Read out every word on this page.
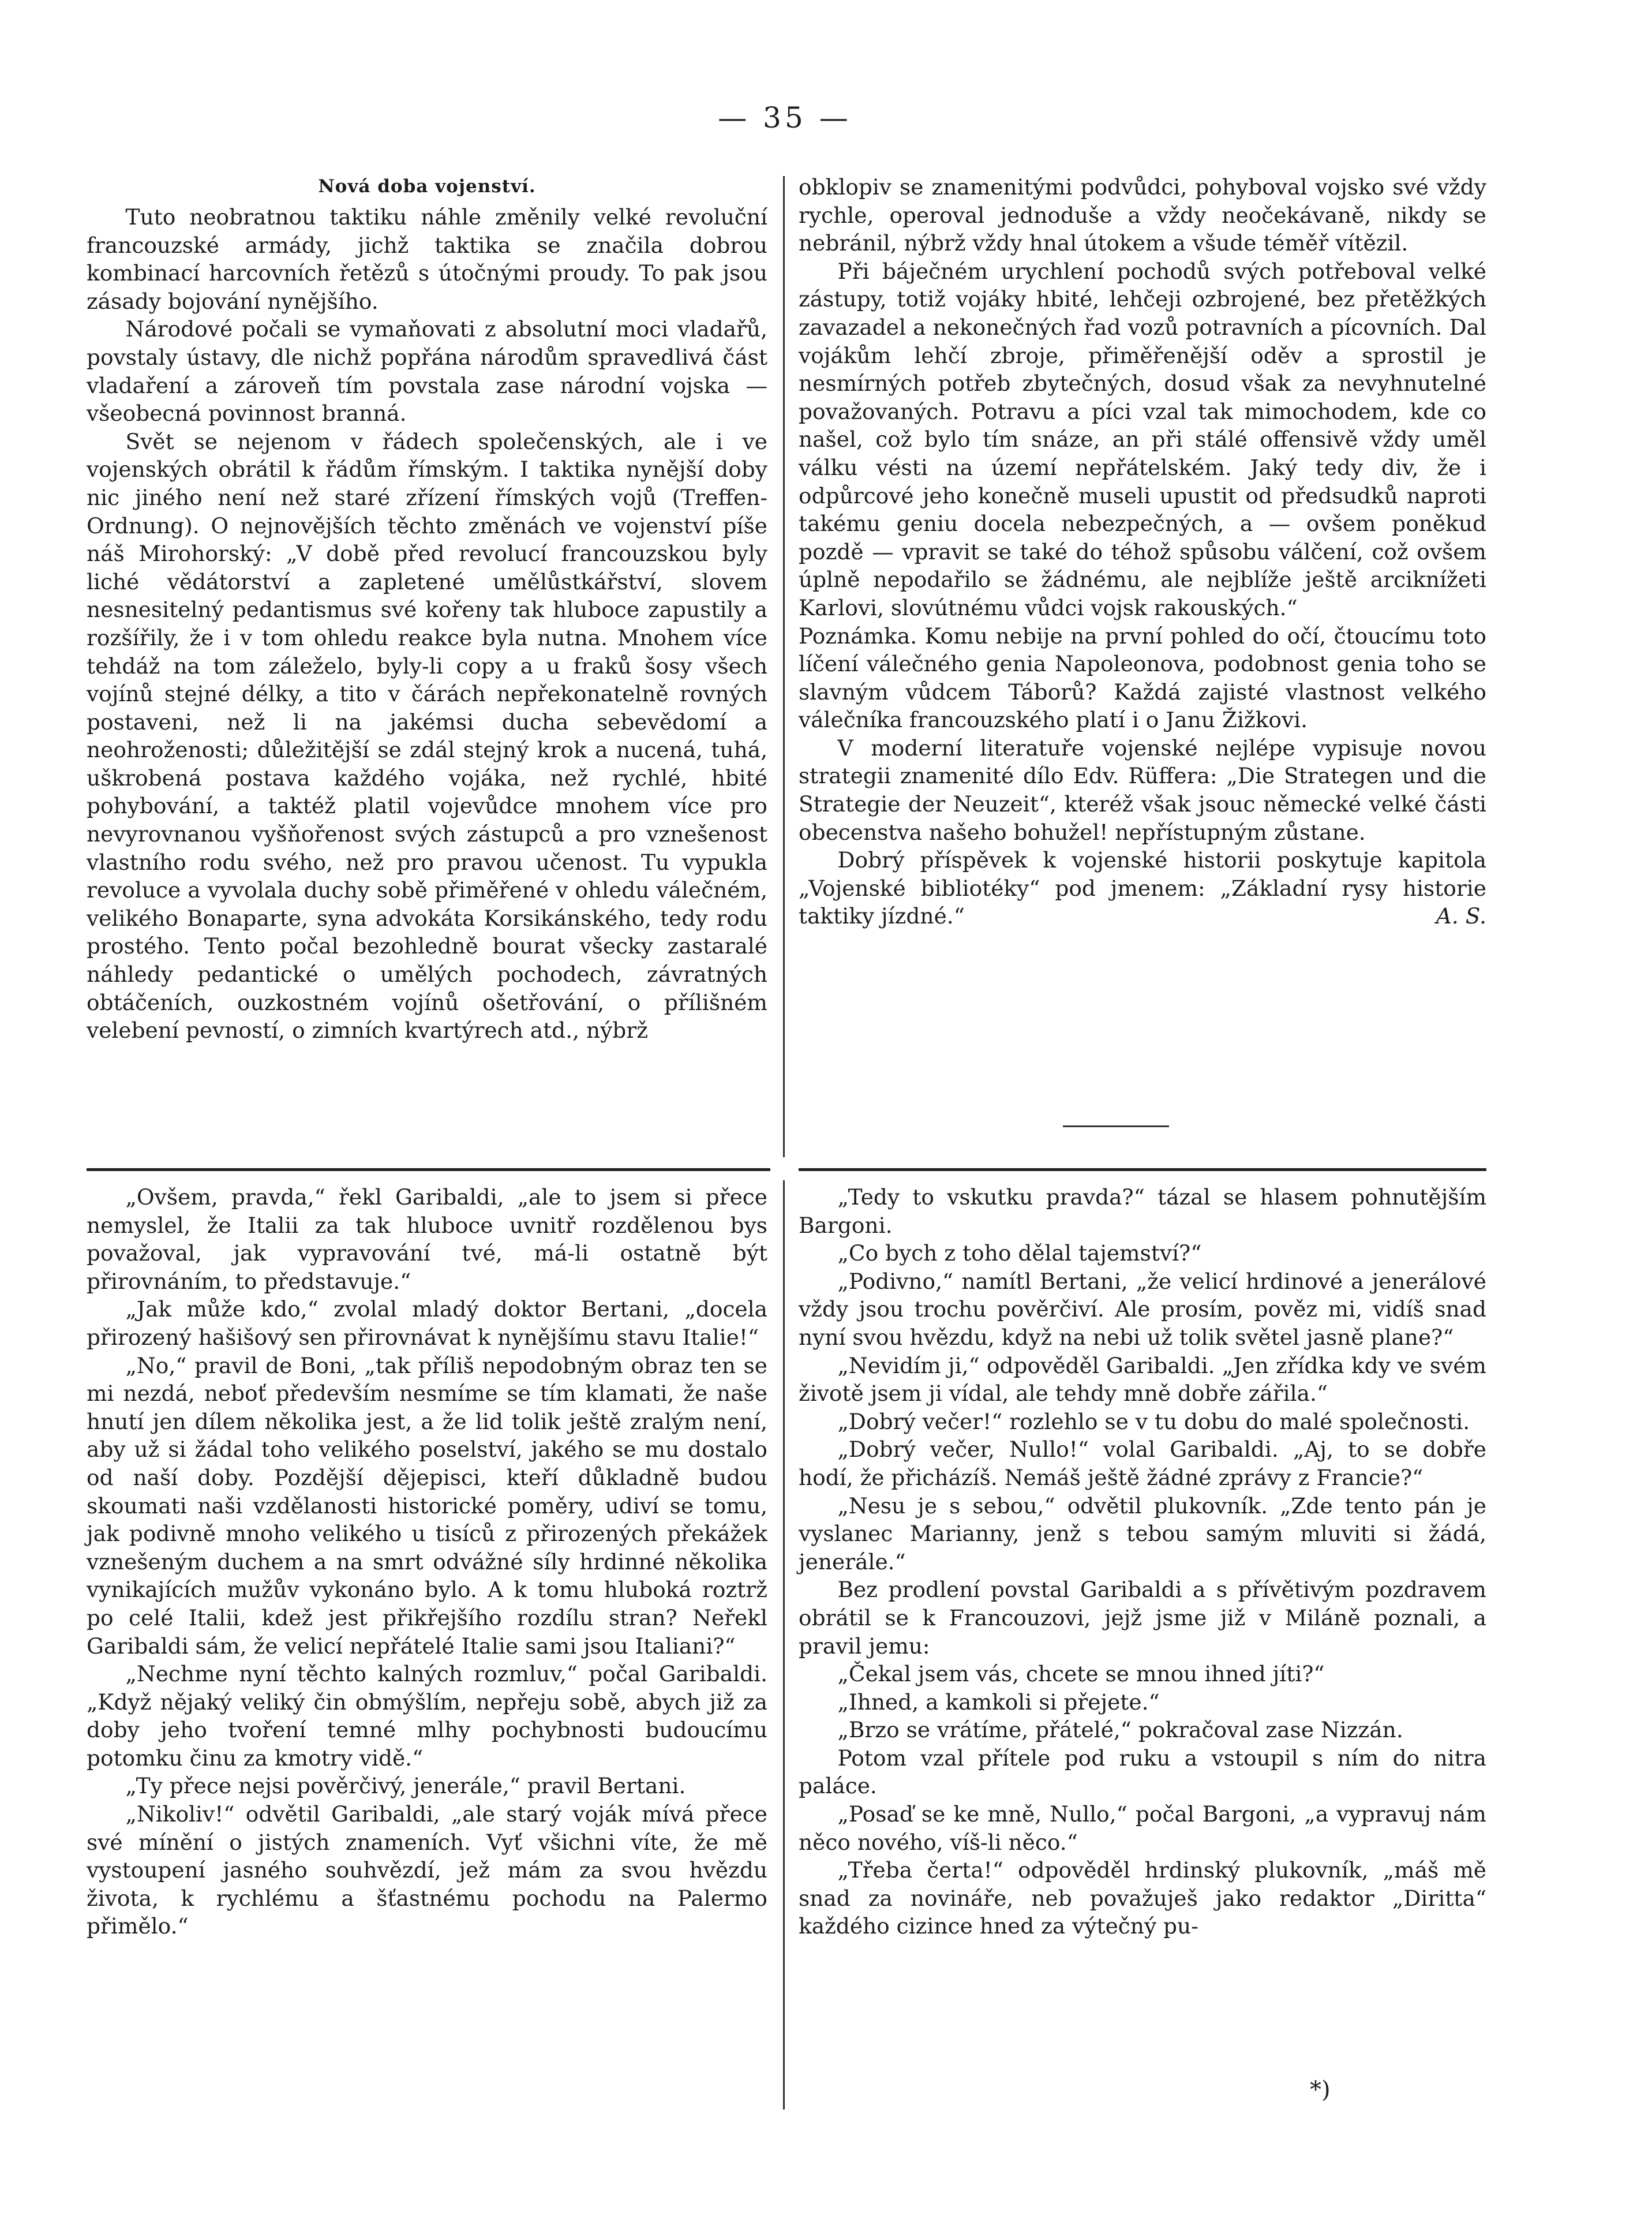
— 35 —
Nová doba vojenství.

Tuto neobratnou taktiku náhle změnily velké revoluční francouzské armády, jichž taktika se značila dobrou kombinací harcovních řetězů s útočnými proudy. To pak jsou zásady bojování nynějšího.

Národové počali se vymaňovati z absolutní moci vladařů, povstaly ústavy, dle nichž popřána národům spravedlivá část vladaření a zároveň tím povstala zase národní vojska — všeobecná povinnost branná.

Svět se nejenom v řádech společenských, ale i ve vojenských obrátil k řádům římským. I taktika nynější doby nic jiného není než staré zřízení římských vojů (Treffen-Ordnung). O nejnovějších těchto změnách ve vojenství píše náš Mirohorský: „V době před revolucí francouzskou byly liché vědátorství a zapletené umělůstkářství, slovem nesnesitelný pedantismus své kořeny tak hluboce zapustily a rozšířily, že i v tom ohledu reakce byla nutna. Mnohem více tehdáž na tom záleželo, byly-li copy a u fraků šosy všech vojínů stejné délky, a tito v čárách nepřekonatelně rovných postaveni, než li na jakémsi ducha sebevědomí a neohroženosti; důležitější se zdál stejný krok a nucená, tuhá, uškrobená postava každého vojáka, než rychlé, hbité pohybování, a taktéž platil vojevůdce mnohem více pro nevyrovnanou vyšňořenost svých zástupců a pro vznešenost vlastního rodu svého, než pro pravou učenost. Tu vypukla revoluce a vyvolala duchy sobě přiměřené v ohledu válečném, velikého Bonaparte, syna advokáta Korsikánského, tedy rodu prostého. Tento počal bezohledně bourat všecky zastaralé náhledy pedantické o umělých pochodech, závratných obtáčeních, ouzkostném vojínů ošetřování, o přílišném velebení pevností, o zimních kvartýrech atd., nýbrž

obklopiv se znamenitými podvůdci, pohyboval vojsko své vždy rychle, operoval jednoduše a vždy neočekávaně, nikdy se nebránil, nýbrž vždy hnal útokem a všude téměř vítězil.

Při báječném urychlení pochodů svých potřeboval velké zástupy, totiž vojáky hbité, lehčeji ozbrojené, bez přetěžkých zavazadel a nekonečných řad vozů potravních a pícovních. Dal vojákům lehčí zbroje, přiměřenější oděv a sprostil je nesmírných potřeb zbytečných, dosud však za nevyhnutelné považovaných. Potravu a píci vzal tak mimochodem, kde co našel, což bylo tím snáze, an při stálé offensivě vždy uměl válku vésti na území nepřátelském. Jaký tedy div, že i odpůrcové jeho konečně museli upustit od předsudků naproti takému geniu docela nebezpečných, a — ovšem poněkud pozdě — vpravit se také do téhož spůsobu válčení, což ovšem úplně nepodařilo se žádnému, ale nejblíže ještě arciknížeti Karlovi, slovútnému vůdci vojsk rakouských.“

Poznámka. Komu nebije na první pohled do očí, čtoucímu toto líčení válečného genia Napoleonova, podobnost genia toho se slavným vůdcem Táborů? Každá zajisté vlastnost velkého válečníka francouzského platí i o Janu Žižkovi.

V moderní literatuře vojenské nejlépe vypisuje novou strategii znamenité dílo Edv. Rüffera: „Die Strategen und die Strategie der Neuzeit“, kteréž však jsouc německé velké části obecenstva našeho bohužel! nepřístupným zůstane.

Dobrý příspěvek k vojenské historii poskytuje kapitola „Vojenské bibliotéky“ pod jmenem: „Základní rysy historie taktiky jízdné.“	A. S.

„Ovšem, pravda,“ řekl Garibaldi, „ale to jsem si přece nemyslel, že Italii za tak hluboce uvnitř rozdělenou bys považoval, jak vypravování tvé, má-li ostatně být přirovnáním, to představuje.“

„Jak může kdo,“ zvolal mladý doktor Bertani, „docela přirozený hašišový sen přirovnávat k nynějšímu stavu Italie!“

„No,“ pravil de Boni, „tak příliš nepodobným obraz ten se mi nezdá, neboť především nesmíme se tím klamati, že naše hnutí jen dílem několika jest, a že lid tolik ještě zralým není, aby už si žádal toho velikého poselství, jakého se mu dostalo od naší doby. Pozdější dějepisci, kteří důkladně budou skoumati naši vzdělanosti historické poměry, udiví se tomu, jak podivně mnoho velikého u tisíců z přirozených překážek vznešeným duchem a na smrt odvážné síly hrdinné několika vynikajících mužův vykonáno bylo. A k tomu hluboká roztrž po celé Italii, kdež jest přikřejšího rozdílu stran? Neřekl Garibaldi sám, že velicí nepřátelé Italie sami jsou Italiani?“

„Nechme nyní těchto kalných rozmluv,“ počal Garibaldi. „Když nějaký veliký čin obmýšlím, nepřeju sobě, abych již za doby jeho tvoření temné mlhy pochybnosti budoucímu potomku činu za kmotry vidě.“

„Ty přece nejsi pověrčivý, jenerále,“ pravil Bertani.

„Nikoliv!“ odvětil Garibaldi, „ale starý voják mívá přece své mínění o jistých znameních. Vyť všichni víte, že mě vystoupení jasného souhvězdí, jež mám za svou hvězdu života, k rychlému a šťastnému pochodu na Palermo přimělo.“

„Tedy to vskutku pravda?“ tázal se hlasem pohnutějším Bargoni.

„Co bych z toho dělal tajemství?“

„Podivno,“ namítl Bertani, „že velicí hrdinové a jenerálové vždy jsou trochu pověrčiví. Ale prosím, pověz mi, vidíš snad nyní svou hvězdu, když na nebi už tolik světel jasně plane?“

„Nevidím ji,“ odpověděl Garibaldi. „Jen zřídka kdy ve svém životě jsem ji vídal, ale tehdy mně dobře zářila.“

„Dobrý večer!“ rozlehlo se v tu dobu do malé společnosti.

„Dobrý večer, Nullo!“ volal Garibaldi. „Aj, to se dobře hodí, že přicházíš. Nemáš ještě žádné zprávy z Francie?“

„Nesu je s sebou,“ odvětil plukovník. „Zde tento pán je vyslanec Marianny, jenž s tebou samým mluviti si žádá, jenerále.“

Bez prodlení povstal Garibaldi a s přívětivým pozdravem obrátil se k Francouzovi, jejž jsme již v Miláně poznali, a pravil jemu:

„Čekal jsem vás, chcete se mnou ihned jíti?“

„Ihned, a kamkoli si přejete.“

„Brzo se vrátíme, přátelé,“ pokračoval zase Nizzán.

Potom vzal přítele pod ruku a vstoupil s ním do nitra paláce.

„Posaď se ke mně, Nullo,“ počal Bargoni, „a vypravuj nám něco nového, víš-li něco.“

„Třeba čerta!“ odpověděl hrdinský plukovník, „máš mě snad za novináře, neb považuješ jako redaktor „Diritta“ každého cizince hned za výtečný pu-

*)
